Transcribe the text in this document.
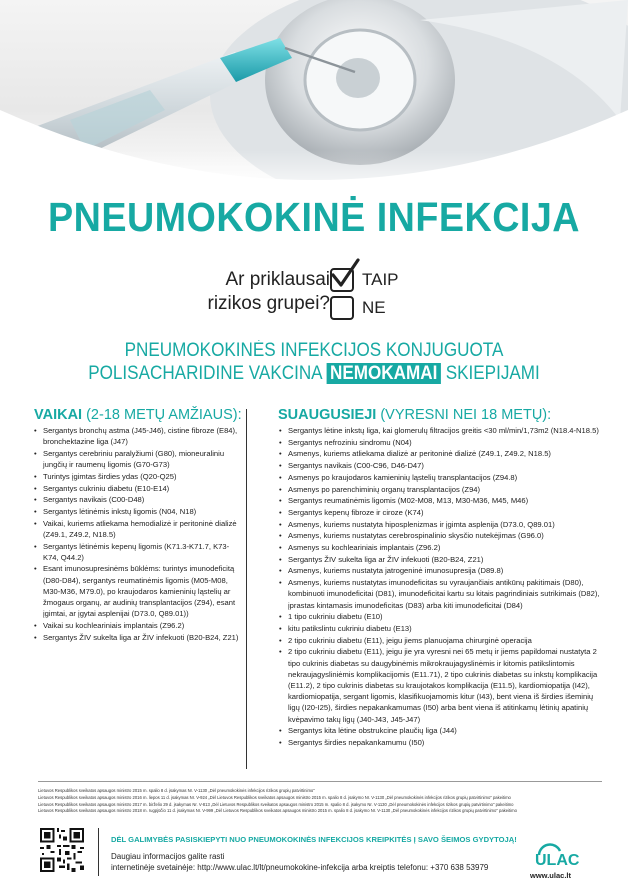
PNEUMOKOKINĖ INFEKCIJA
Ar priklausai
rizikos grupei?
TAIP
NE
PNEUMOKOKINĖS INFEKCIJOS KONJUGUOTA
POLISACHARIDINE VAKCINA NEMOKAMAI SKIEPIJAMI
VAIKAI (2-18 METŲ AMŽIAUS):	SUAUGUSIEJI (VYRESNI NEI 18 METŲ):
• Sergantys bronchų astma (J45-J46), cistine fibroze (E84), bronchektazine liga (J47)
• Sergantys cerebriniu paralyžiumi (G80), mioneuraliniu jungčių ir raumenų ligomis (G70-G73)
• Turintys įgimtas širdies ydas (Q20-Q25)
• Sergantys cukriniu diabetu (E10-E14)
• Sergantys navikais (C00-D48)
• Sergantys lėtinėmis inkstų ligomis (N04, N18)
• Vaikai, kuriems atliekama hemodializė ir peritoninė dializė (Z49.1, Z49.2, N18.5)
• Sergantys lėtinėmis kepenų ligomis (K71.3-K71.7, K73-K74, Q44.2)
• Esant imunosupresinėms būklėms: turintys imunodeficitą (D80-D84), sergantys reumatinėmis ligomis (M05-M08, M30-M36, M79.0), po kraujodaros kamieninių ląstelių ar žmogaus organų, ar audinių transplantacijos (Z94), esant įgimtai, ar įgytai asplenijai (D73.0, Q89.01))
• Vaikai su kochleariniais implantais (Z96.2)
• Sergantys ŽIV sukelta liga ar ŽIV infekuoti (B20-B24, Z21)
• Sergantys lėtine inkstų liga, kai glomerulų filtracijos greitis <30 ml/min/1,73m2 (N18.4-N18.5)
• Sergantys nefroziniu sindromu (N04)
• Asmenys, kuriems atliekama dializė ar peritoninė dializė (Z49.1, Z49.2, N18.5)
• Sergantys navikais (C00-C96, D46-D47)
• Asmenys po kraujodaros kamieninių ląstelių transplantacijos (Z94.8)
• Asmenys po parenchiminių organų transplantacijos (Z94)
• Sergantys reumatinėmis ligomis (M02-M08, M13, M30-M36, M45, M46)
• Sergantys kepenų fibroze ir ciroze (K74)
• Asmenys, kuriems nustatyta hiposplenizmas ir įgimta asplenija (D73.0, Q89.01)
• Asmenys, kuriems nustatytas cerebrospinalinio skysčio nutekėjimas (G96.0)
• Asmenys su kochleariniais implantais (Z96.2)
• Sergantys ŽIV sukelta liga ar ŽIV infekuoti (B20-B24, Z21)
• Asmenys, kuriems nustatyta jatrogeninė imunosupresija (D89.8)
• Asmenys, kuriems nustatytas imunodeficitas su vyraujančiais antikūnų pakitimais (D80), kombinuoti imunodeficitai (D81), imunodeficitai kartu su kitais pagrindiniais sutrikimais (D82), įprastas kintamasis imunodeficitas (D83) arba kiti imunodeficitai (D84)
• 1 tipo cukriniu diabetu (E10)
• kitu patikslintu cukriniu diabetu (E13)
• 2 tipo cukriniu diabetu (E11), jeigu jiems planuojama chirurginė operacija
• 2 tipo cukriniu diabetu (E11), jeigu jie yra vyresni nei 65 metų ir jiems papildomai nustatyta 2 tipo cukrinis diabetas su daugybinėmis mikrokraujagyslinėmis ir kitomis patikslintomis nekraujagysliniėmis komplikacijomis (E11.71), 2 tipo cukrinis diabetas su inkstų komplikacija (E11.2), 2 tipo cukrinis diabetas su kraujotakos komplikacija (E11.5), kardiomiopatija (I42), kardiomiopatija, sergant ligomis, klasifikuojamomis kitur (I43), bent viena iš širdies išeminių ligų (I20-I25), širdies nepakankamumas (I50) arba bent viena iš atitinkamų lėtinių apatinių kvėpavimo takų ligų (J40-J43, J45-J47)
• Sergantys kita lėtine obstrukcine plaučių liga (J44)
• Sergantys širdies nepakankamumu (I50)
Lietuvos Respublikos sveikatos apsaugos ministro 2015 m. spalio 8 d. įsakymas Nr. V-1130 „Dėl pneumokokinės infekcijos rizikos grupių patvirtinimo"
Lietuvos Respublikos sveikatos apsaugos ministro 2016 m. liepos 11 d. įsakymas Nr. V-924 „Dėl Lietuvos Respublikos sveikatos apsaugos ministro 2015 m. spalio 8 d. įsakymo Nr. V-1130 „Dėl pneumokokinės infekcijos rizikos grupių patvirtinimo" pakeitimo
Lietuvos Respublikos sveikatos apsaugos ministro 2017 m. birželio 29 d. įsakymas Nr. V-813 „Dėl Lietuvos Respublikos sveikatos apsaugos ministro 2015 m. spalio 8 d. įsakymo Nr. V-1130 „Dėl pneumokokinės infekcijos rizikos grupių patvirtinimo" pakeitimo
Lietuvos Respublikos sveikatos apsaugos ministro 2018 m. rugpjūčio 11 d. įsakymas Nr. V-999 „Dėl Lietuvos Respublikos sveikatos apsaugos ministro 2015 m. spalio 8 d. įsakymo Nr. V-1130 „Dėl pneumokokinės infekcijos rizikos grupių patvirtinimo" pakeitimo
DĖL GALIMYBĖS PASISKIEPYTI NUO PNEUMOKOKINĖS INFEKCIJOS KREIPKITĖS Į SAVO ŠEIMOS GYDYTOJĄ!
Daugiau informacijos galite rasti
internetinėje svetainėje: http://www.ulac.lt/lt/pneumokokine-infekcija arba kreiptis telefonu: +370 638 53979	ULAC
www.ulac.lt
